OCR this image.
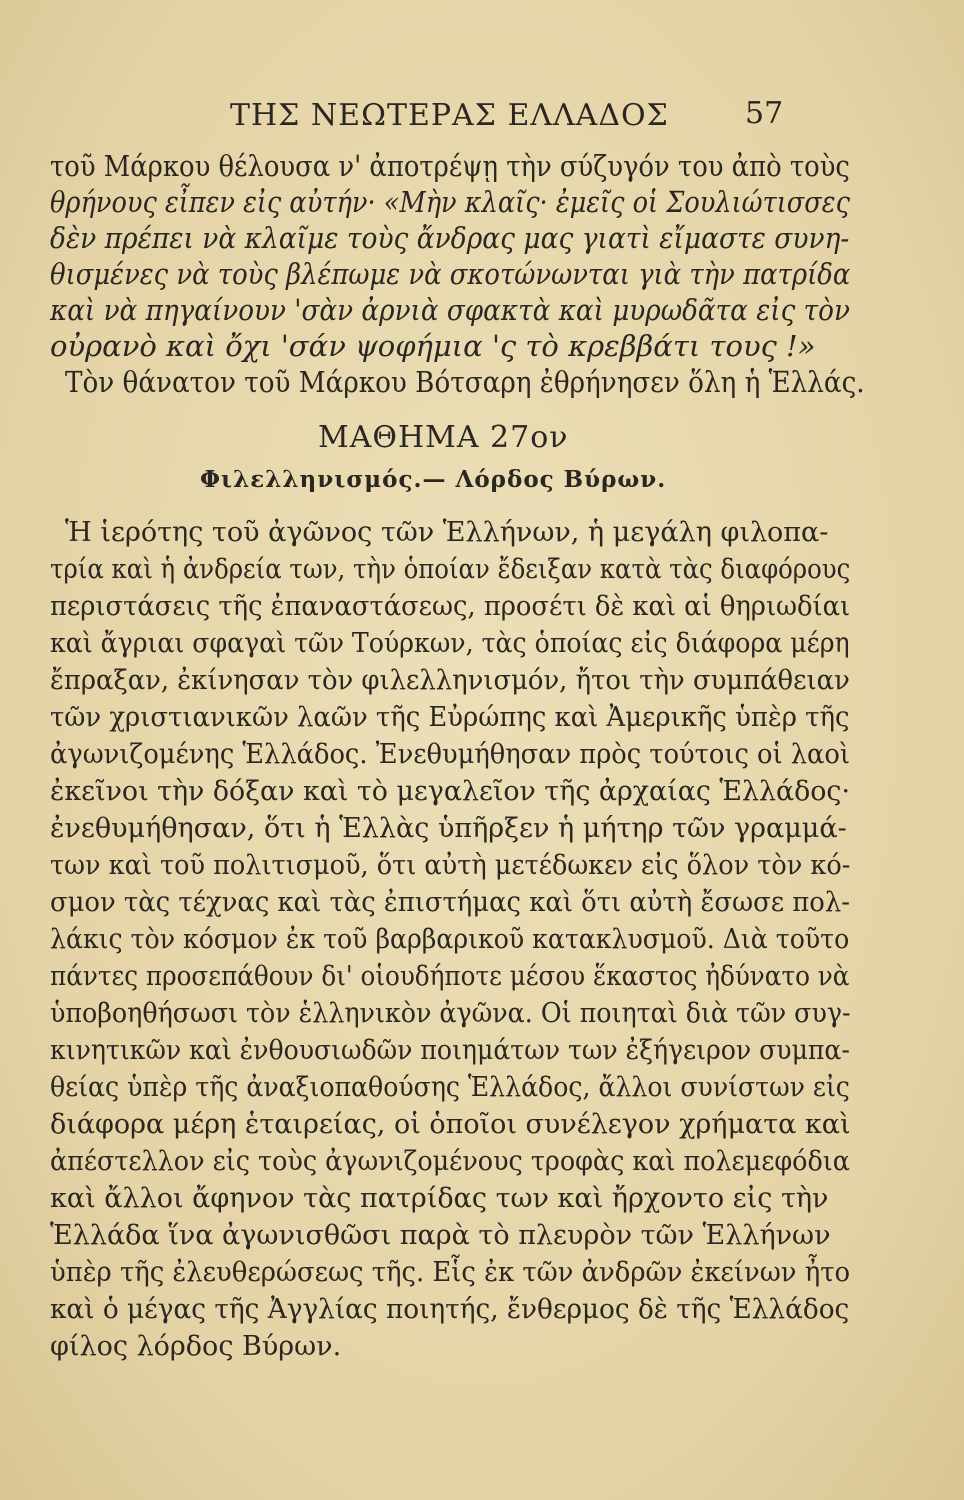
ΤΗΣ ΝΕΩΤΕΡΑΣ ΕΛΛΑΔΟΣ	57
τοῦ Μάρκου θέλουσα ν' ἀποτρέψῃ τὴν σύζυγόν του ἀπὸ τοὺς
θρήνους εἶπεν εἰς αὐτήν· «Μὴν κλαῖς· ἐμεῖς οἱ Σουλιώτισσες
δὲν πρέπει νὰ κλαῖμε τοὺς ἄνδρας μας γιατὶ εἴμαστε συνη-
θισμένες νὰ τοὺς βλέπωμε νὰ σκοτώνωνται γιὰ τὴν πατρίδα
καὶ νὰ πηγαίνουν 'σὰν ἀρνιὰ σφακτὰ καὶ μυρωδᾶτα εἰς τὸν
οὐρανὸ καὶ ὄχι 'σάν ψοφήμια 'ς τὸ κρεββάτι τους !»
Τὸν θάνατον τοῦ Μάρκου Βότσαρη ἐθρήνησεν ὅλη ἡ Ἑλλάς.
ΜΑΘΗΜΑ 27ον
Φιλελληνισμός.— Λόρδος Βύρων.
Ἡ ἱερότης τοῦ ἀγῶνος τῶν Ἑλλήνων, ἡ μεγάλη φιλοπα-
τρία καὶ ἡ ἀνδρεία των, τὴν ὁποίαν ἔδειξαν κατὰ τὰς διαφόρους
περιστάσεις τῆς ἐπαναστάσεως, προσέτι δὲ καὶ αἱ θηριωδίαι
καὶ ἄγριαι σφαγαὶ τῶν Τούρκων, τὰς ὁποίας εἰς διάφορα μέρη
ἔπραξαν, ἐκίνησαν τὸν φιλελληνισμόν, ἤτοι τὴν συμπάθειαν
τῶν χριστιανικῶν λαῶν τῆς Εὐρώπης καὶ Ἀμερικῆς ὑπὲρ τῆς
ἀγωνιζομένης Ἑλλάδος. Ἐνεθυμήθησαν πρὸς τούτοις οἱ λαοὶ
ἐκεῖνοι τὴν δόξαν καὶ τὸ μεγαλεῖον τῆς ἀρχαίας Ἑλλάδος·
ἐνεθυμήθησαν, ὅτι ἡ Ἑλλὰς ὑπῆρξεν ἡ μήτηρ τῶν γραμμά-
των καὶ τοῦ πολιτισμοῦ, ὅτι αὐτὴ μετέδωκεν εἰς ὅλον τὸν κό-
σμον τὰς τέχνας καὶ τὰς ἐπιστήμας καὶ ὅτι αὐτὴ ἔσωσε πολ-
λάκις τὸν κόσμον ἐκ τοῦ βαρβαρικοῦ κατακλυσμοῦ. Διὰ τοῦτο
πάντες προσεπάθουν δι' οἱουδήποτε μέσου ἕκαστος ἠδύνατο νὰ
ὑποβοηθήσωσι τὸν ἑλληνικὸν ἀγῶνα. Οἱ ποιηταὶ διὰ τῶν συγ-
κινητικῶν καὶ ἐνθουσιωδῶν ποιημάτων των ἐξήγειρον συμπα-
θείας ὑπὲρ τῆς ἀναξιοπαθούσης Ἑλλάδος, ἄλλοι συνίστων εἰς
διάφορα μέρη ἑταιρείας, οἱ ὁποῖοι συνέλεγον χρήματα καὶ
ἀπέστελλον εἰς τοὺς ἀγωνιζομένους τροφὰς καὶ πολεμεφόδια
καὶ ἄλλοι ἄφηνον τὰς πατρίδας των καὶ ἤρχοντο εἰς τὴν
Ἑλλάδα ἵνα ἀγωνισθῶσι παρὰ τὸ πλευρὸν τῶν Ἑλλήνων
ὑπὲρ τῆς ἐλευθερώσεως τῆς. Εἷς ἐκ τῶν ἀνδρῶν ἐκείνων ἦτο
καὶ ὁ μέγας τῆς Ἀγγλίας ποιητής, ἔνθερμος δὲ τῆς Ἑλλάδος
φίλος λόρδος Βύρων.
